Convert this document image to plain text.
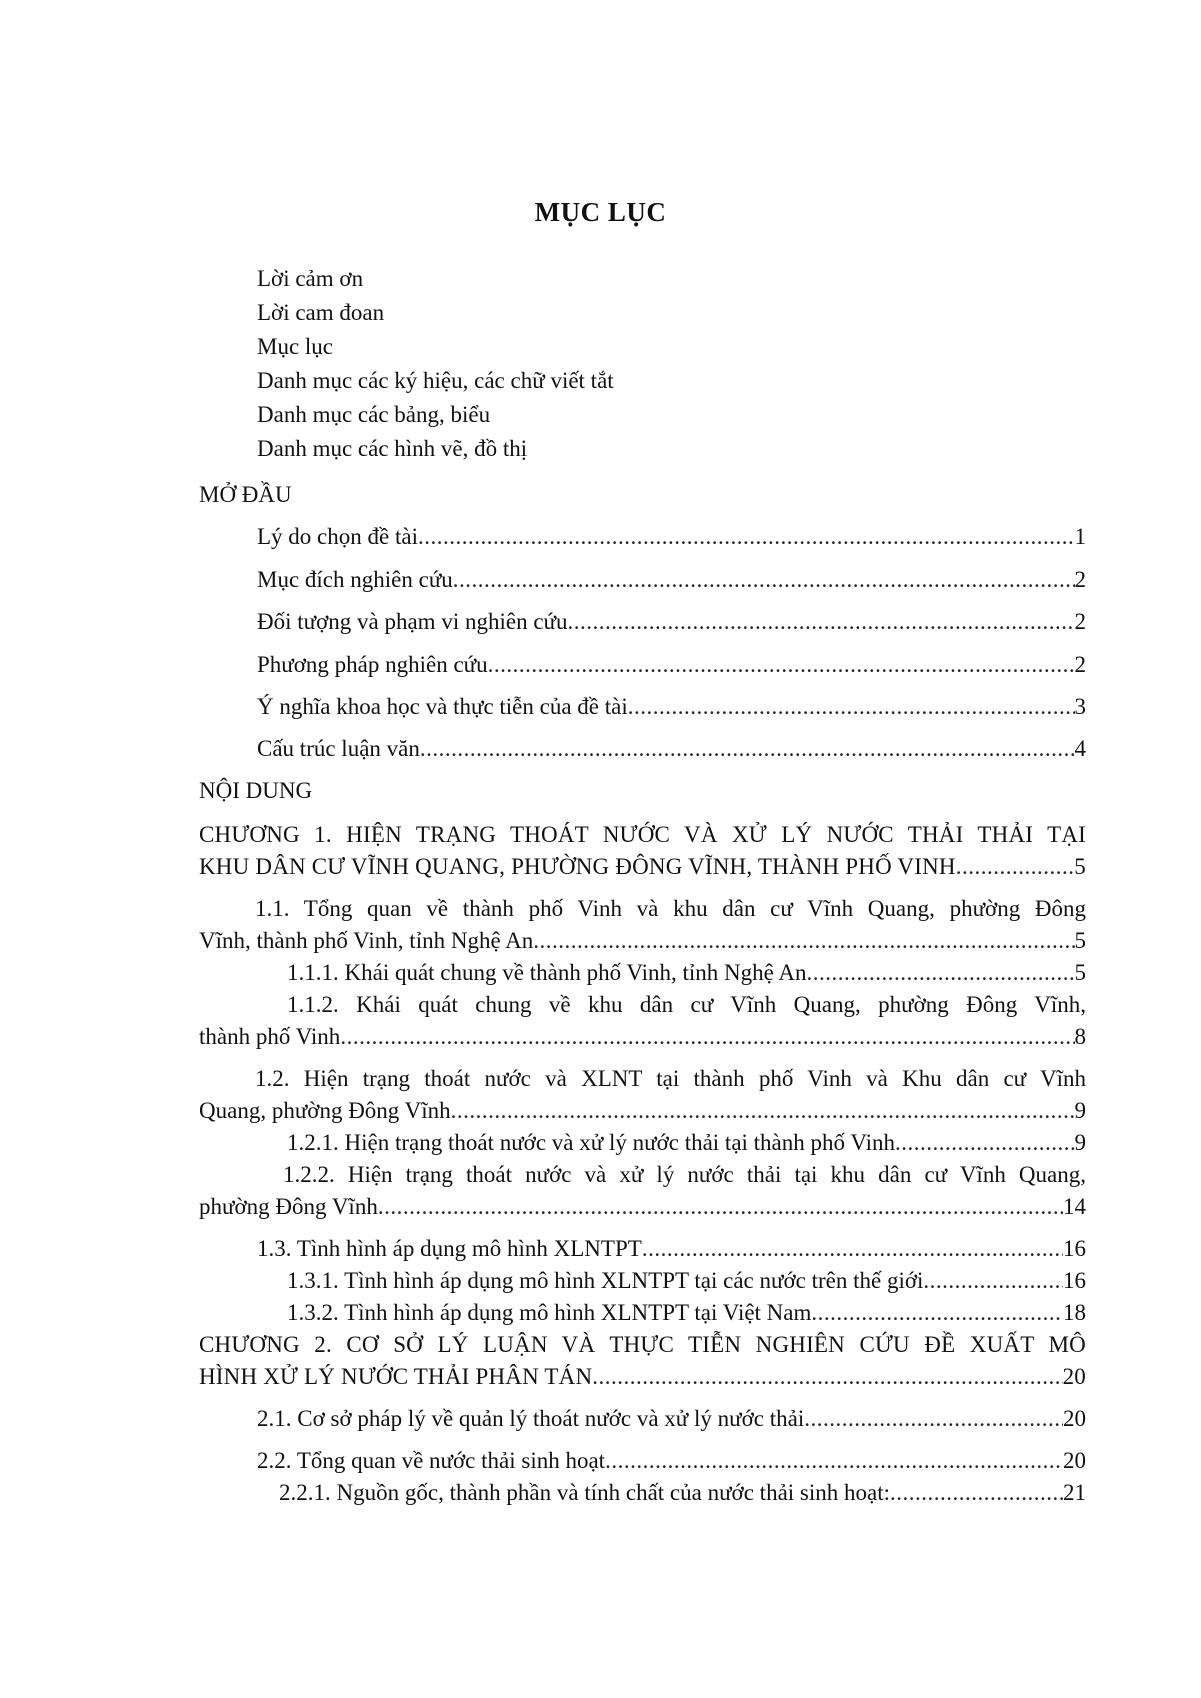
MỤC LỤC
Lời cảm ơn
Lời cam đoan
Mục lục
Danh mục các ký hiệu, các chữ viết tắt
Danh mục các bảng, biểu
Danh mục các hình vẽ, đồ thị
MỞ ĐẦU
Lý do chọn đề tài .....	1
Mục đích nghiên cứu .....	2
Đối tượng và phạm vi nghiên cứu .....	2
Phương pháp nghiên cứu .....	2
Ý nghĩa khoa học và thực tiễn của đề tài .....	3
Cấu trúc luận văn .....	4
NỘI DUNG
CHƯƠNG 1. HIỆN TRẠNG THOÁT NƯỚC VÀ XỬ LÝ NƯỚC THẢI THẢI TẠI
KHU DÂN CƯ VĨNH QUANG, PHƯỜNG ĐÔNG VĨNH, THÀNH PHỐ VINH .....	5
1.1. Tổng quan về thành phố Vinh và khu dân cư Vĩnh Quang, phường Đông
Vĩnh, thành phố Vinh, tỉnh Nghệ An .....	5
1.1.1. Khái quát chung về thành phố Vinh, tỉnh Nghệ An .....	5
1.1.2. Khái quát chung về khu dân cư Vĩnh Quang, phường Đông Vĩnh,
thành phố Vinh .....	8
1.2. Hiện trạng thoát nước và XLNT tại thành phố Vinh và Khu dân cư Vĩnh
Quang, phường Đông Vĩnh .....	9
1.2.1. Hiện trạng thoát nước và xử lý nước thải tại thành phố Vinh .....	9
1.2.2. Hiện trạng thoát nước và xử lý nước thải tại khu dân cư Vĩnh Quang,
phường Đông Vĩnh .....	14
1.3. Tình hình áp dụng mô hình XLNTPT .....	16
1.3.1. Tình hình áp dụng mô hình XLNTPT tại các nước trên thế giới .....	16
1.3.2. Tình hình áp dụng mô hình XLNTPT tại Việt Nam .....	18
CHƯƠNG 2. CƠ SỞ LÝ LUẬN VÀ THỰC TIỄN NGHIÊN CỨU ĐỀ XUẤT MÔ
HÌNH XỬ LÝ NƯỚC THẢI PHÂN TÁN .....	20
2.1. Cơ sở pháp lý về quản lý thoát nước và xử lý nước thải .....	20
2.2. Tổng quan về nước thải sinh hoạt .....	20
2.2.1. Nguồn gốc, thành phần và tính chất của nước thải sinh hoạt: .....	21
